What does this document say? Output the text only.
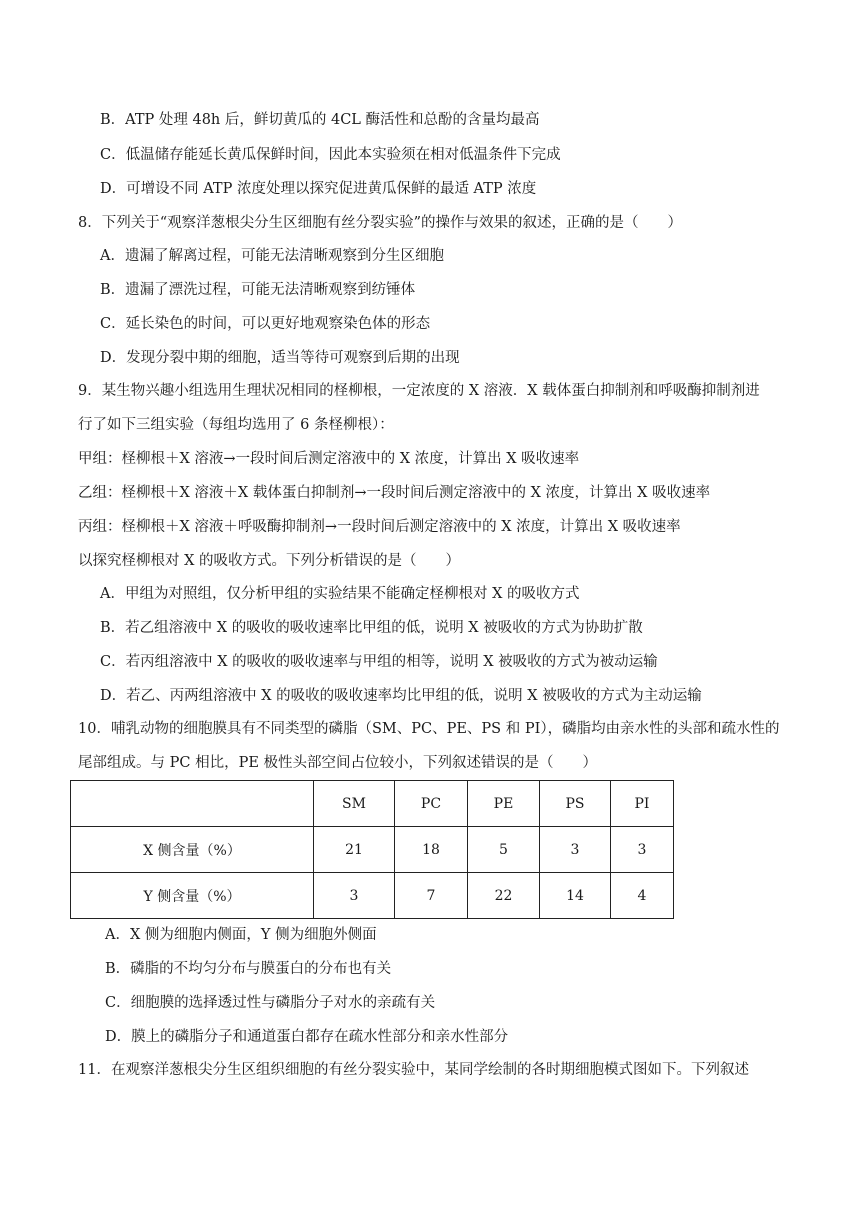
B．ATP 处理 48h 后，鲜切黄瓜的 4CL 酶活性和总酚的含量均最高
C．低温储存能延长黄瓜保鲜时间，因此本实验须在相对低温条件下完成
D．可增设不同 ATP 浓度处理以探究促进黄瓜保鲜的最适 ATP 浓度
8．下列关于“观察洋葱根尖分生区细胞有丝分裂实验”的操作与效果的叙述，正确的是（　　）
A．遗漏了解离过程，可能无法清晰观察到分生区细胞
B．遗漏了漂洗过程，可能无法清晰观察到纺锤体
C．延长染色的时间，可以更好地观察染色体的形态
D．发现分裂中期的细胞，适当等待可观察到后期的出现
9．某生物兴趣小组选用生理状况相同的柽柳根，一定浓度的 X 溶液．X 载体蛋白抑制剂和呼吸酶抑制剂进
行了如下三组实验（每组均选用了 6 条柽柳根）：
甲组：柽柳根＋X 溶液→一段时间后测定溶液中的 X 浓度，计算出 X 吸收速率
乙组：柽柳根＋X 溶液＋X 载体蛋白抑制剂→一段时间后测定溶液中的 X 浓度，计算出 X 吸收速率
丙组：柽柳根＋X 溶液＋呼吸酶抑制剂→一段时间后测定溶液中的 X 浓度，计算出 X 吸收速率
以探究柽柳根对 X 的吸收方式。下列分析错误的是（　　）
A．甲组为对照组，仅分析甲组的实验结果不能确定柽柳根对 X 的吸收方式
B．若乙组溶液中 X 的吸收的吸收速率比甲组的低，说明 X 被吸收的方式为协助扩散
C．若丙组溶液中 X 的吸收的吸收速率与甲组的相等，说明 X 被吸收的方式为被动运输
D．若乙、丙两组溶液中 X 的吸收的吸收速率均比甲组的低，说明 X 被吸收的方式为主动运输
10．哺乳动物的细胞膜具有不同类型的磷脂（SM、PC、PE、PS 和 PI），磷脂均由亲水性的头部和疏水性的
尾部组成。与 PC 相比，PE 极性头部空间占位较小，下列叙述错误的是（　　）
	SM	PC	PE	PS	PI
X 侧含量（%）	21	18	5	3	3
Y 侧含量（%）	3	7	22	14	4
A．X 侧为细胞内侧面，Y 侧为细胞外侧面
B．磷脂的不均匀分布与膜蛋白的分布也有关
C．细胞膜的选择透过性与磷脂分子对水的亲疏有关
D．膜上的磷脂分子和通道蛋白都存在疏水性部分和亲水性部分
11．在观察洋葱根尖分生区组织细胞的有丝分裂实验中，某同学绘制的各时期细胞模式图如下。下列叙述
